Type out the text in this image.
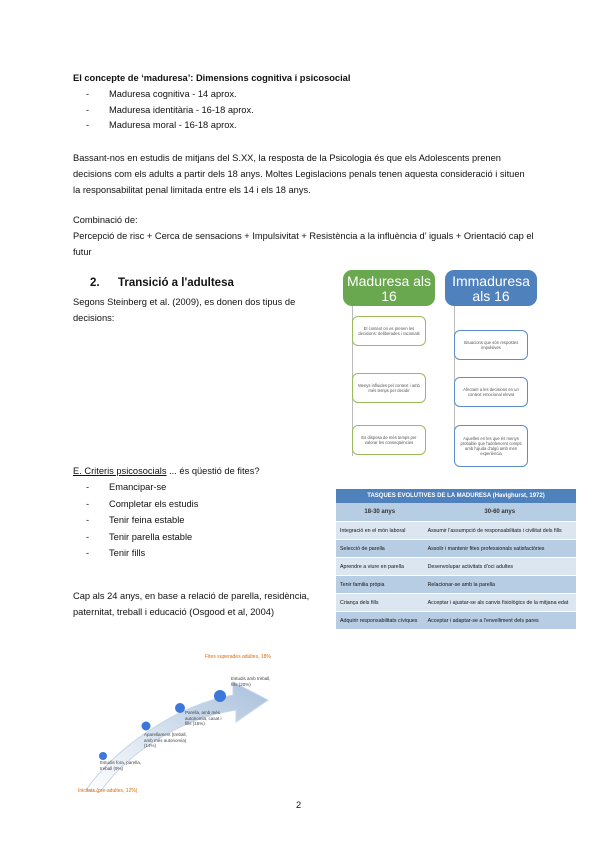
El concepte de ‘maduresa’: Dimensions cognitiva i psicosocial
- Maduresa cognitiva - 14 aprox.
- Maduresa identitària - 16-18 aprox.
- Maduresa moral - 16-18 aprox.
Bassant-nos en estudis de mitjans del S.XX, la resposta de la Psicologia és que els Adolescents prenen decisions com els adults a partir dels 18 anys. Moltes Legislacions penals tenen aquesta consideració i situen la responsabilitat penal limitada entre els 14 i els 18 anys.
Combinació de:
Percepció de risc + Cerca de sensacions + Impulsivitat + Resistència a la influència d’ iguals + Orientació cap el futur
2. Transició a l'adultesa
Segons Steinberg et al. (2009), es donen dos tipus de decisions:
Maduresa als 16
Immaduresa als 16
El context on es prenen les decisions: deliberades i racionals
Menys influides pel context i amb més temps per decidir
Es disposa de més temps per valorar les conseqüències
Situacions que són respostes impulsives
Afectant a les decisions en un context emocional elevat
Aquelles en les que és menys probable que l'adolescent compti amb l'ajuda d'algú amb més experiència
E. Criteris psicosocials ... és qüestió de fites?
- Emancipar-se
- Completar els estudis
- Tenir feina estable
- Tenir parella estable
- Tenir fills
Cap als 24 anys, en base a relació de parella, residència, paternitat, treball i educació (Osgood et al, 2004)
TASQUES EVOLUTIVES DE LA MADURESA (Havighurst, 1972)
18-30 anys	30-60 anys
Integració en el món laboral	Assumir l'assumpció de responsabilitats i civilitat dels fills
Selecció de parella	Assolir i mantenir fites professionals satisfactòries
Aprendre a viure en parella	Desenvolupar activitats d'oci adultes
Tenir familia pròpia	Relacionar-se amb la parella
Criança dels fills	Acceptar i ajustar-se als canvis fisiològics de la mitjana edat
Adquirir responsabilitats cíviques	Acceptar i adaptar-se a l'envelliment dels pares
Fites superades adultes, 18%
Inicitats (pre-adultes, 12%)
Estudis fora, parella, treball (9%)
Aparellament (treball, amb més autonomia) (14%)
Parella, amb més autonomia, casat i fills (16%)
Estudis amb treball, fills (20%)
2
